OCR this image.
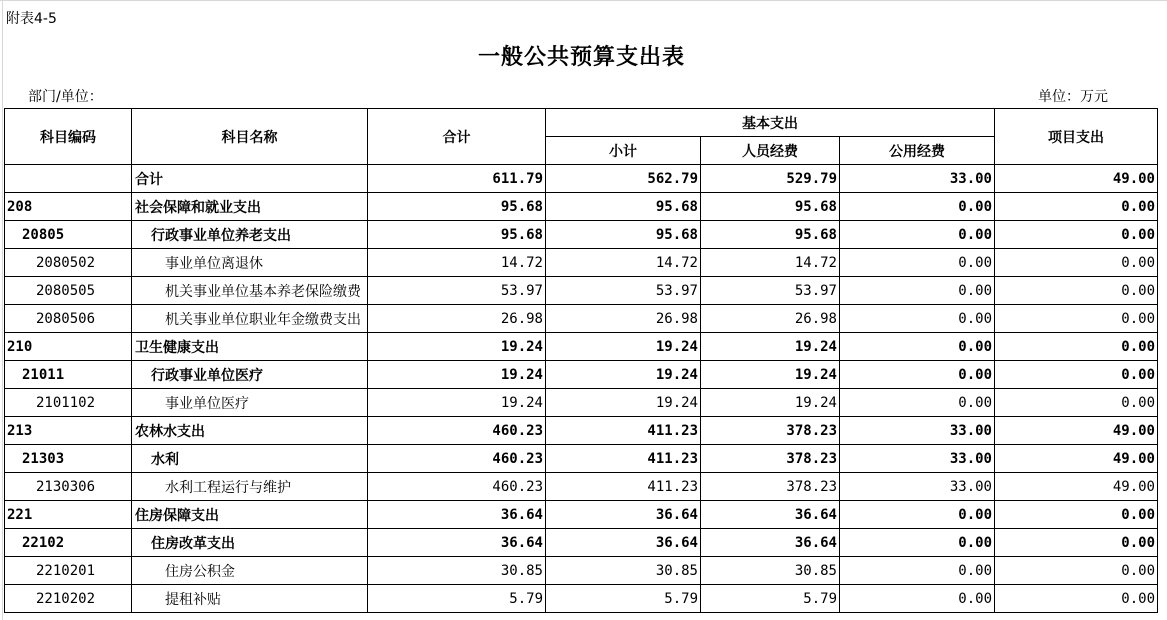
附表4-5
一般公共预算支出表
部门/单位：	单位：万元
科目编码	科目名称	合计	基本支出			项目支出
			小计	人员经费	公用经费	
	合计	611.79	562.79	529.79	33.00	49.00
208	社会保障和就业支出	95.68	95.68	95.68	0.00	0.00
20805	行政事业单位养老支出	95.68	95.68	95.68	0.00	0.00
2080502	事业单位离退休	14.72	14.72	14.72	0.00	0.00
2080505	机关事业单位基本养老保险缴费	53.97	53.97	53.97	0.00	0.00
2080506	机关事业单位职业年金缴费支出	26.98	26.98	26.98	0.00	0.00
210	卫生健康支出	19.24	19.24	19.24	0.00	0.00
21011	行政事业单位医疗	19.24	19.24	19.24	0.00	0.00
2101102	事业单位医疗	19.24	19.24	19.24	0.00	0.00
213	农林水支出	460.23	411.23	378.23	33.00	49.00
21303	水利	460.23	411.23	378.23	33.00	49.00
2130306	水利工程运行与维护	460.23	411.23	378.23	33.00	49.00
221	住房保障支出	36.64	36.64	36.64	0.00	0.00
22102	住房改革支出	36.64	36.64	36.64	0.00	0.00
2210201	住房公积金	30.85	30.85	30.85	0.00	0.00
2210202	提租补贴	5.79	5.79	5.79	0.00	0.00
